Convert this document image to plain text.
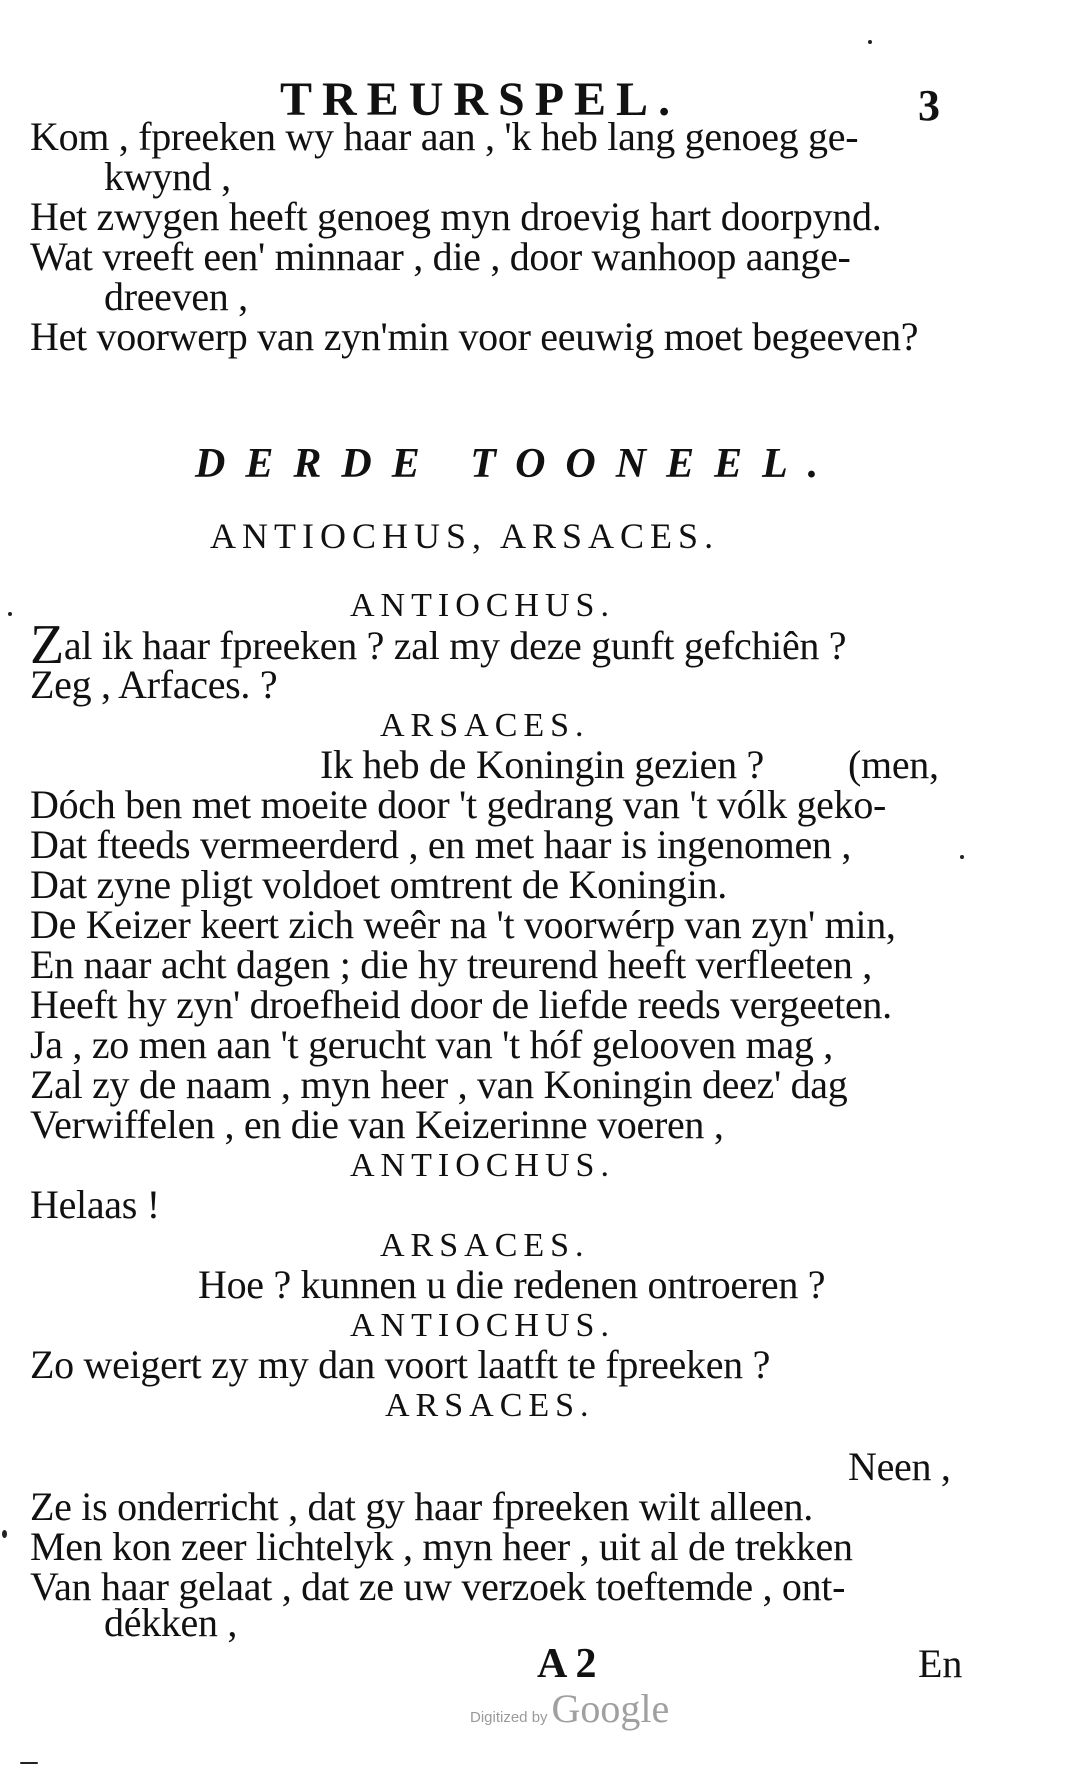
TREURSPEL.	3
Kom , fpreeken wy haar aan , 'k heb lang genoeg ge-
kwynd ,
Het zwygen heeft genoeg myn droevig hart doorpynd.
Wat vreeft een' minnaar , die , door wanhoop aange-
dreeven ,
Het voorwerp van zyn'min voor eeuwig moet begeeven?
DERDE TOONEEL.
ANTIOCHUS, ARSACES.
ANTIOCHUS.
Zal ik haar fpreeken ? zal my deze gunft gefchiên ?
Zeg , Arfaces. ?
ARSACES.
Ik heb de Koningin gezien ? (men,
Dóch ben met moeite door 't gedrang van 't vólk geko-
Dat fteeds vermeerderd , en met haar is ingenomen ,
Dat zyne pligt voldoet omtrent de Koningin.
De Keizer keert zich weêr na 't voorwérp van zyn' min,
En naar acht dagen ; die hy treurend heeft verfleeten ,
Heeft hy zyn' droefheid door de liefde reeds vergeeten.
Ja , zo men aan 't gerucht van 't hóf gelooven mag ,
Zal zy de naam , myn heer , van Koningin deez' dag
Verwiffelen , en die van Keizerinne voeren ,
ANTIOCHUS.
Helaas !
ARSACES.
Hoe ? kunnen u die redenen ontroeren ?
ANTIOCHUS.
Zo weigert zy my dan voort laatft te fpreeken ?
ARSACES.
Neen ,
Ze is onderricht , dat gy haar fpreeken wilt alleen.
Men kon zeer lichtelyk , myn heer , uit al de trekken
Van haar gelaat , dat ze uw verzoek toeftemde , ont-
dékken ,
A 2	En
Digitized by Google
